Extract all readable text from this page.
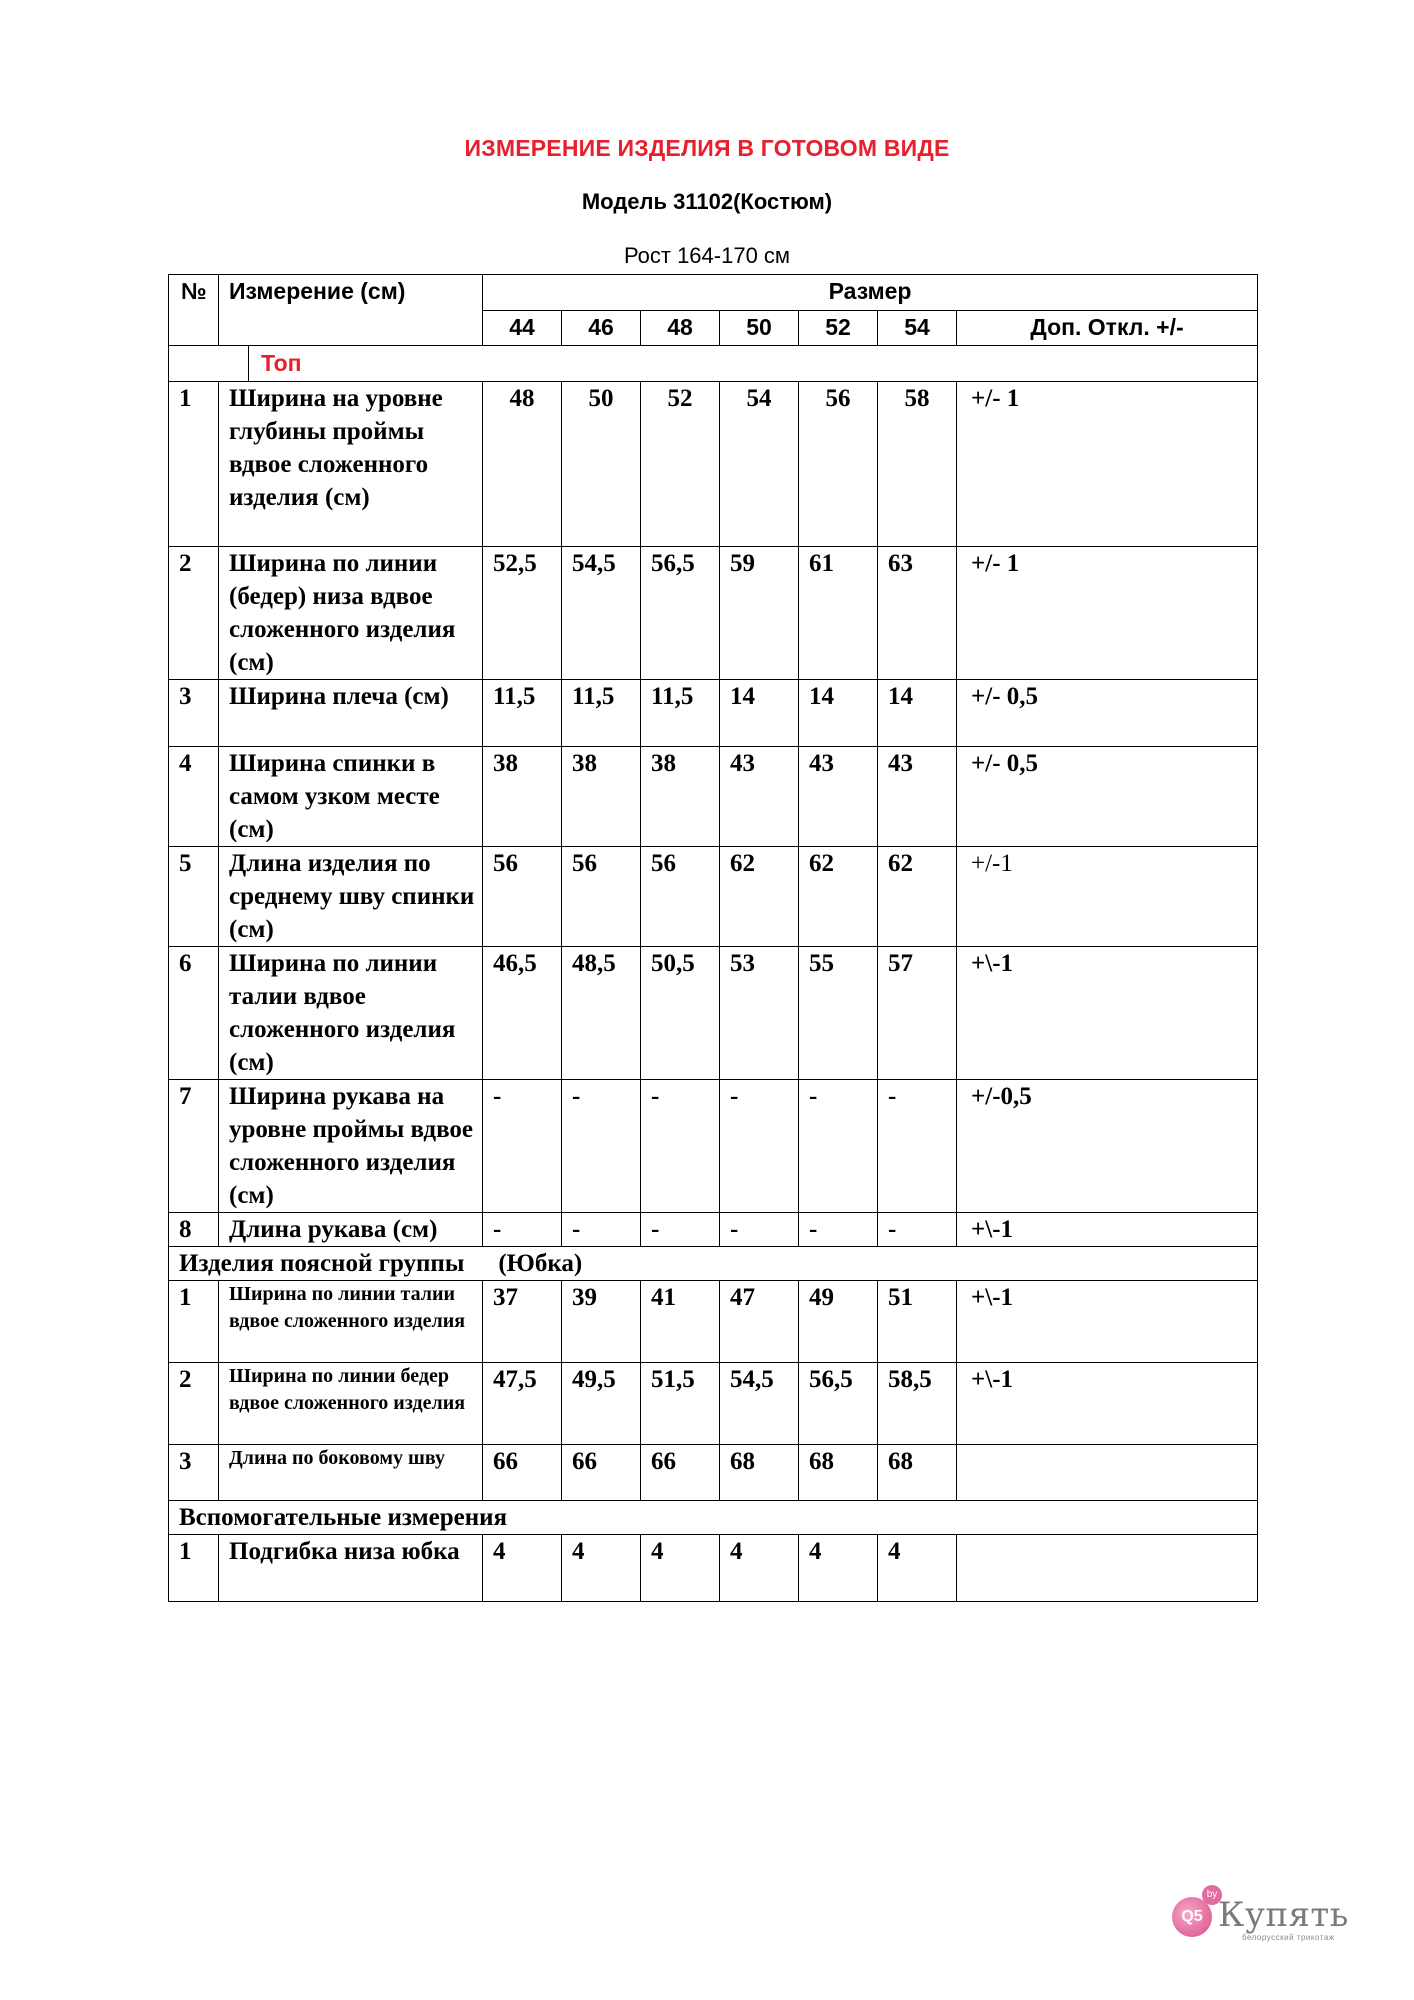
ИЗМЕРЕНИЕ ИЗДЕЛИЯ В ГОТОВОМ ВИДЕ
Модель 31102(Костюм)
Рост 164-170 см
№	Измерение (см)	Размер						
		44	46	48	50	52	54	Доп. Откл. +/-

Топ								

1	Ширина на уровне глубины проймы вдвое сложенного изделия (см)	48	50	52	54	56	58	+/- 1
2	Ширина по линии (бедер) низа вдвое сложенного изделия (см)	52,5	54,5	56,5	59	61	63	+/- 1
3	Ширина плеча (см)	11,5	11,5	11,5	14	14	14	+/- 0,5
4	Ширина спинки в самом узком месте (см)	38	38	38	43	43	43	+/- 0,5
5	Длина изделия по среднему шву спинки (см)	56	56	56	62	62	62	+/-1
6	Ширина по линии талии вдвое сложенного изделия (см)	46,5	48,5	50,5	53	55	57	+\-1
7	Ширина рукава на уровне проймы вдвое сложенного изделия (см)	-	-	-	-	-	-	+/-0,5
8	Длина рукава (см)	-	-	-	-	-	-	+\-1
Изделия поясной группы (Юбка)								
1	Ширина по линии талии вдвое сложенного изделия	37	39	41	47	49	51	+\-1
2	Ширина по линии бедер вдвое сложенного изделия	47,5	49,5	51,5	54,5	56,5	58,5	+\-1
3	Длина по боковому шву	66	66	66	68	68	68	
Вспомогательные измерения								
1	Подгибка низа юбка	4	4	4	4	4	4	
Q5
by
Купять
белорусский трикотаж
